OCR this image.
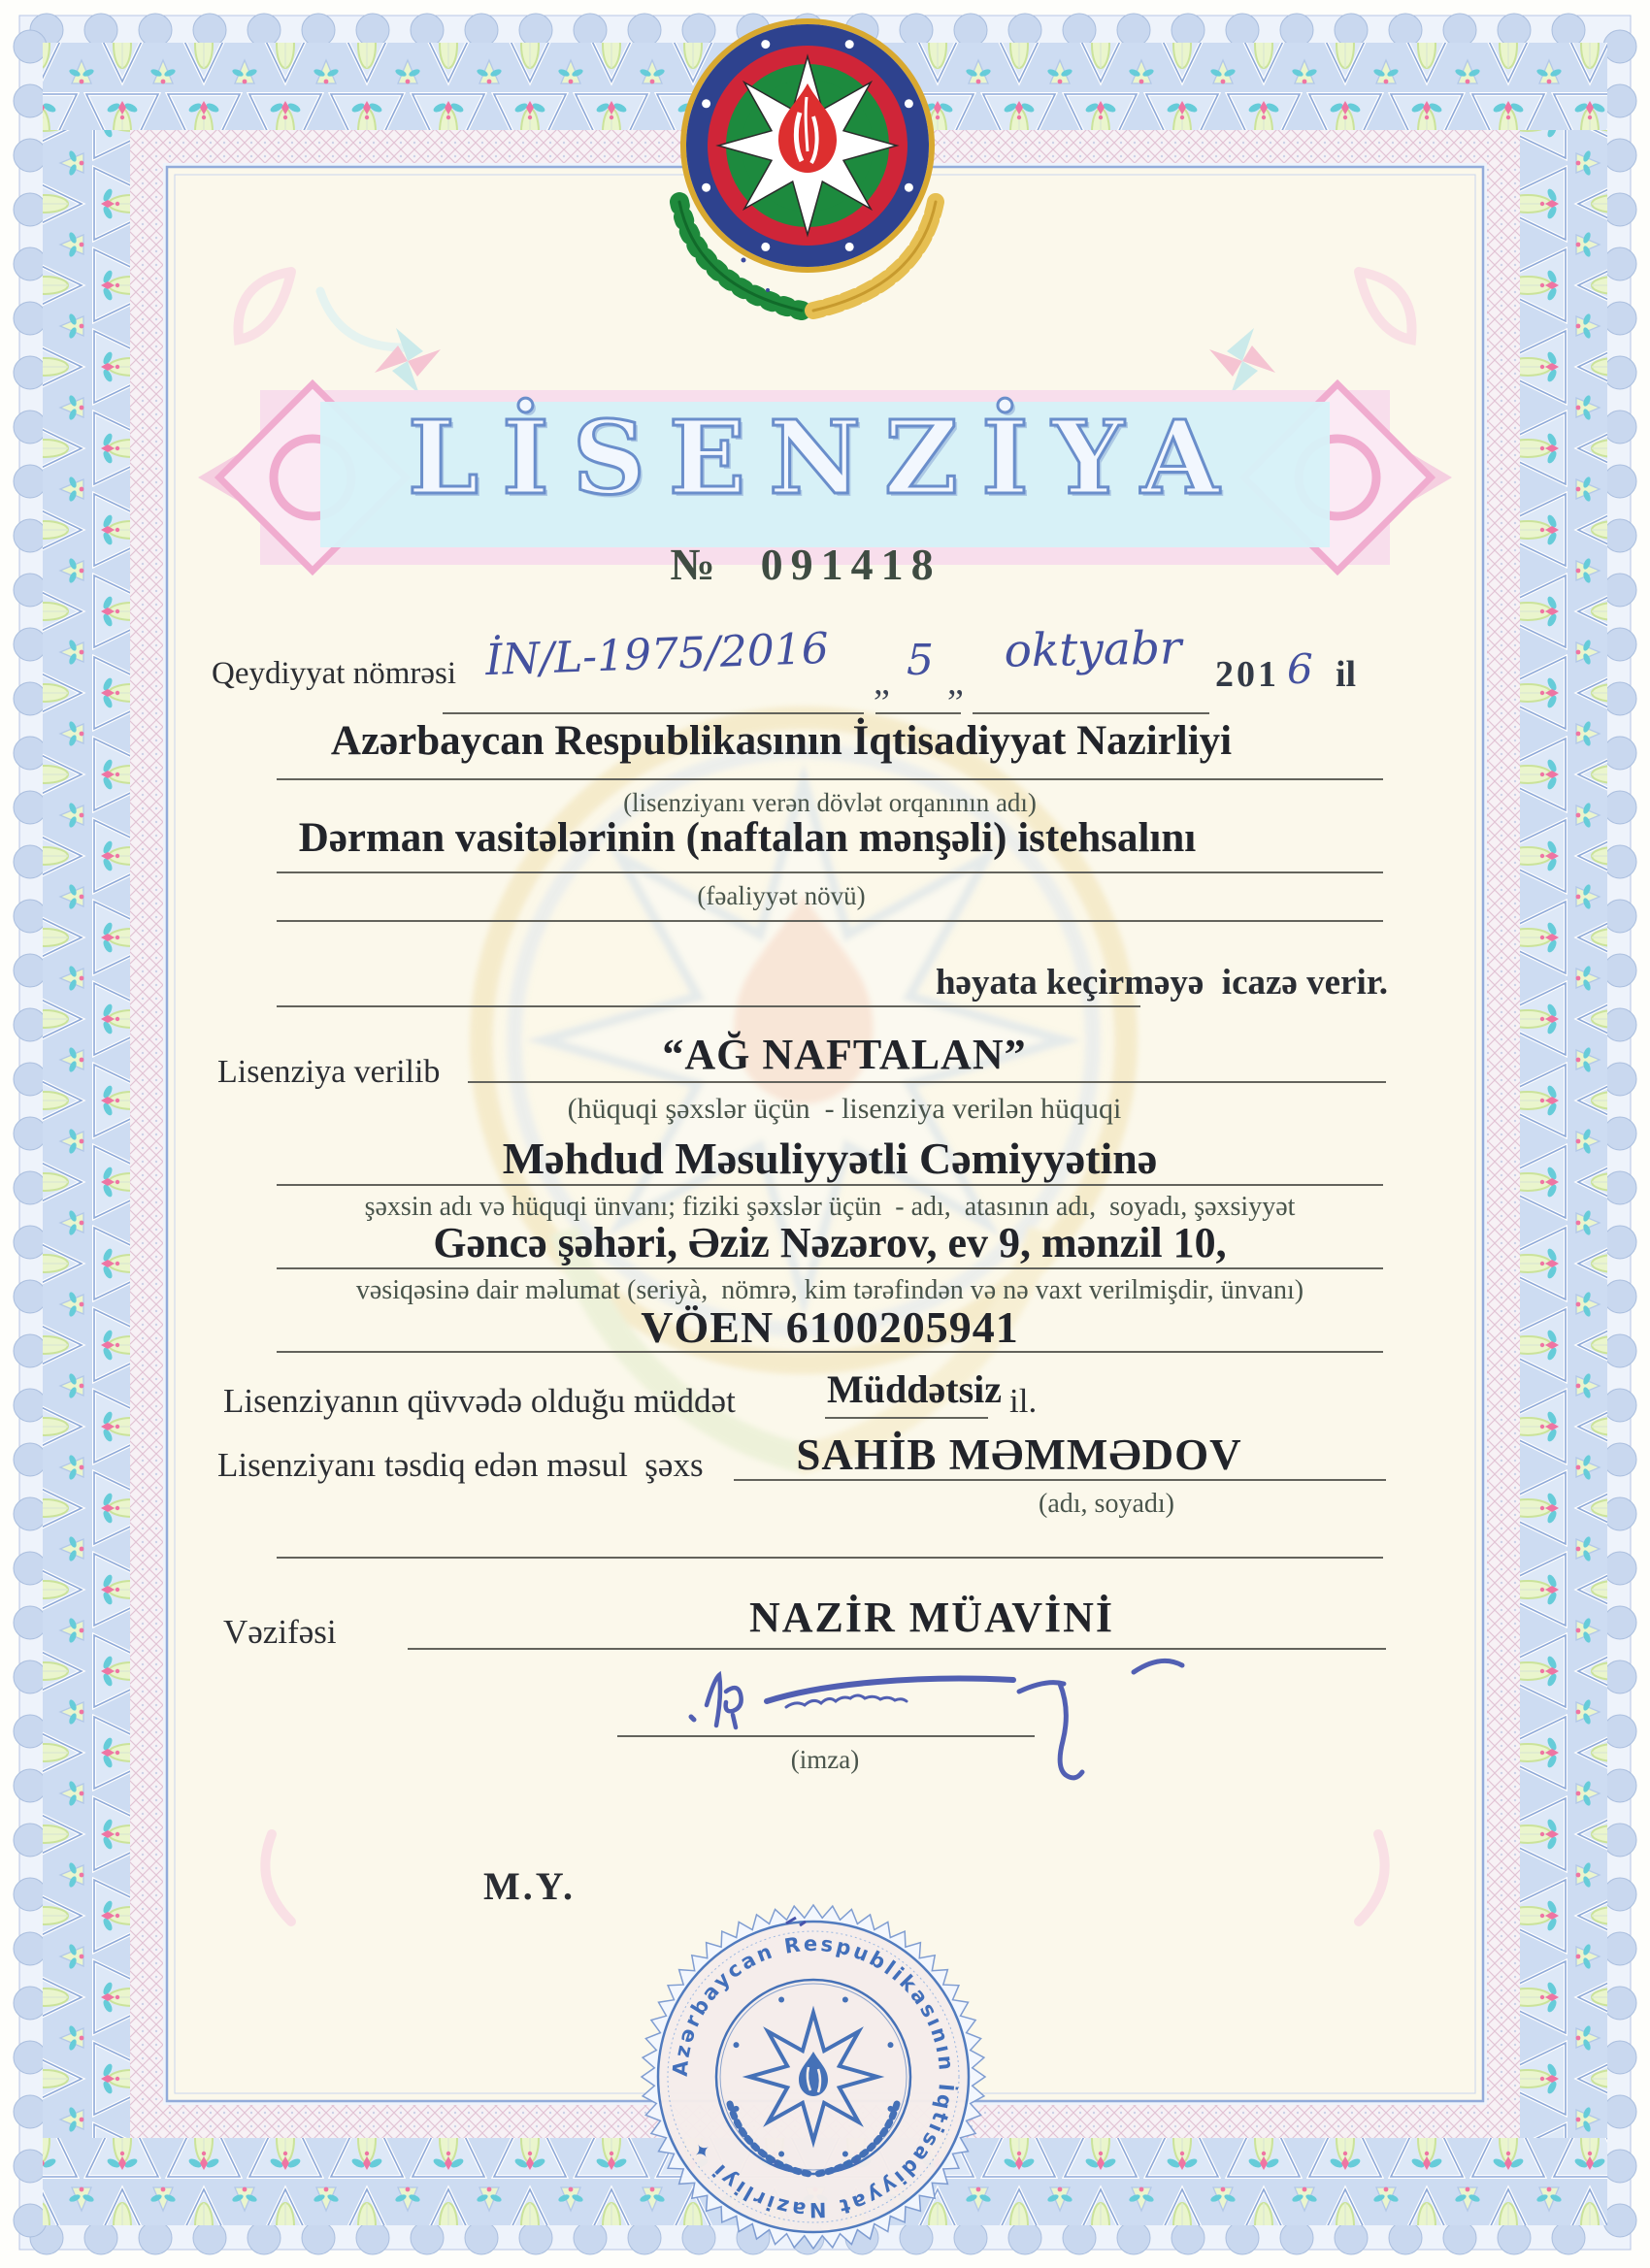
Azərbaycan Respublikasının İqtisadiyyat Nazirliyi ✦
LİSENZİYA
№  091418
Qeydiyyat nömrəsi İN/L-1975/2016	„ 5 „
oktyabr 201 6 il
Azərbaycan Respublikasının İqtisadiyyat Nazirliyi
(lisenziyanı verən dövlət orqanının adı)
Dərman vasitələrinin (naftalan mənşəli) istehsalını
(fəaliyyət növü)
həyata keçirməyə  icazə verir.
Lisenziya verilib	“AĞ NAFTALAN”
(hüquqi şəxslər üçün  - lisenziya verilən hüquqi
Məhdud Məsuliyyətli Cəmiyyətinə
şəxsin adı və hüquqi ünvanı; fiziki şəxslər üçün  - adı,  atasının adı,  soyadı, şəxsiyyət
Gəncə şəhəri, Əziz Nəzərov, ev 9, mənzil 10,
vəsiqəsinə dair məlumat (seriyà,  nömrə, kim tərəfindən və nə vaxt verilmişdir, ünvanı)
VÖEN 6100205941
Lisenziyanın qüvvədə olduğu müddət Müddətsiz il.
Lisenziyanı təsdiq edən məsul  şəxs	SAHİB MƏMMƏDOV
(adı, soyadı)
Vəzifəsi	NAZİR MÜAVİNİ
(imza)
M.Y.
